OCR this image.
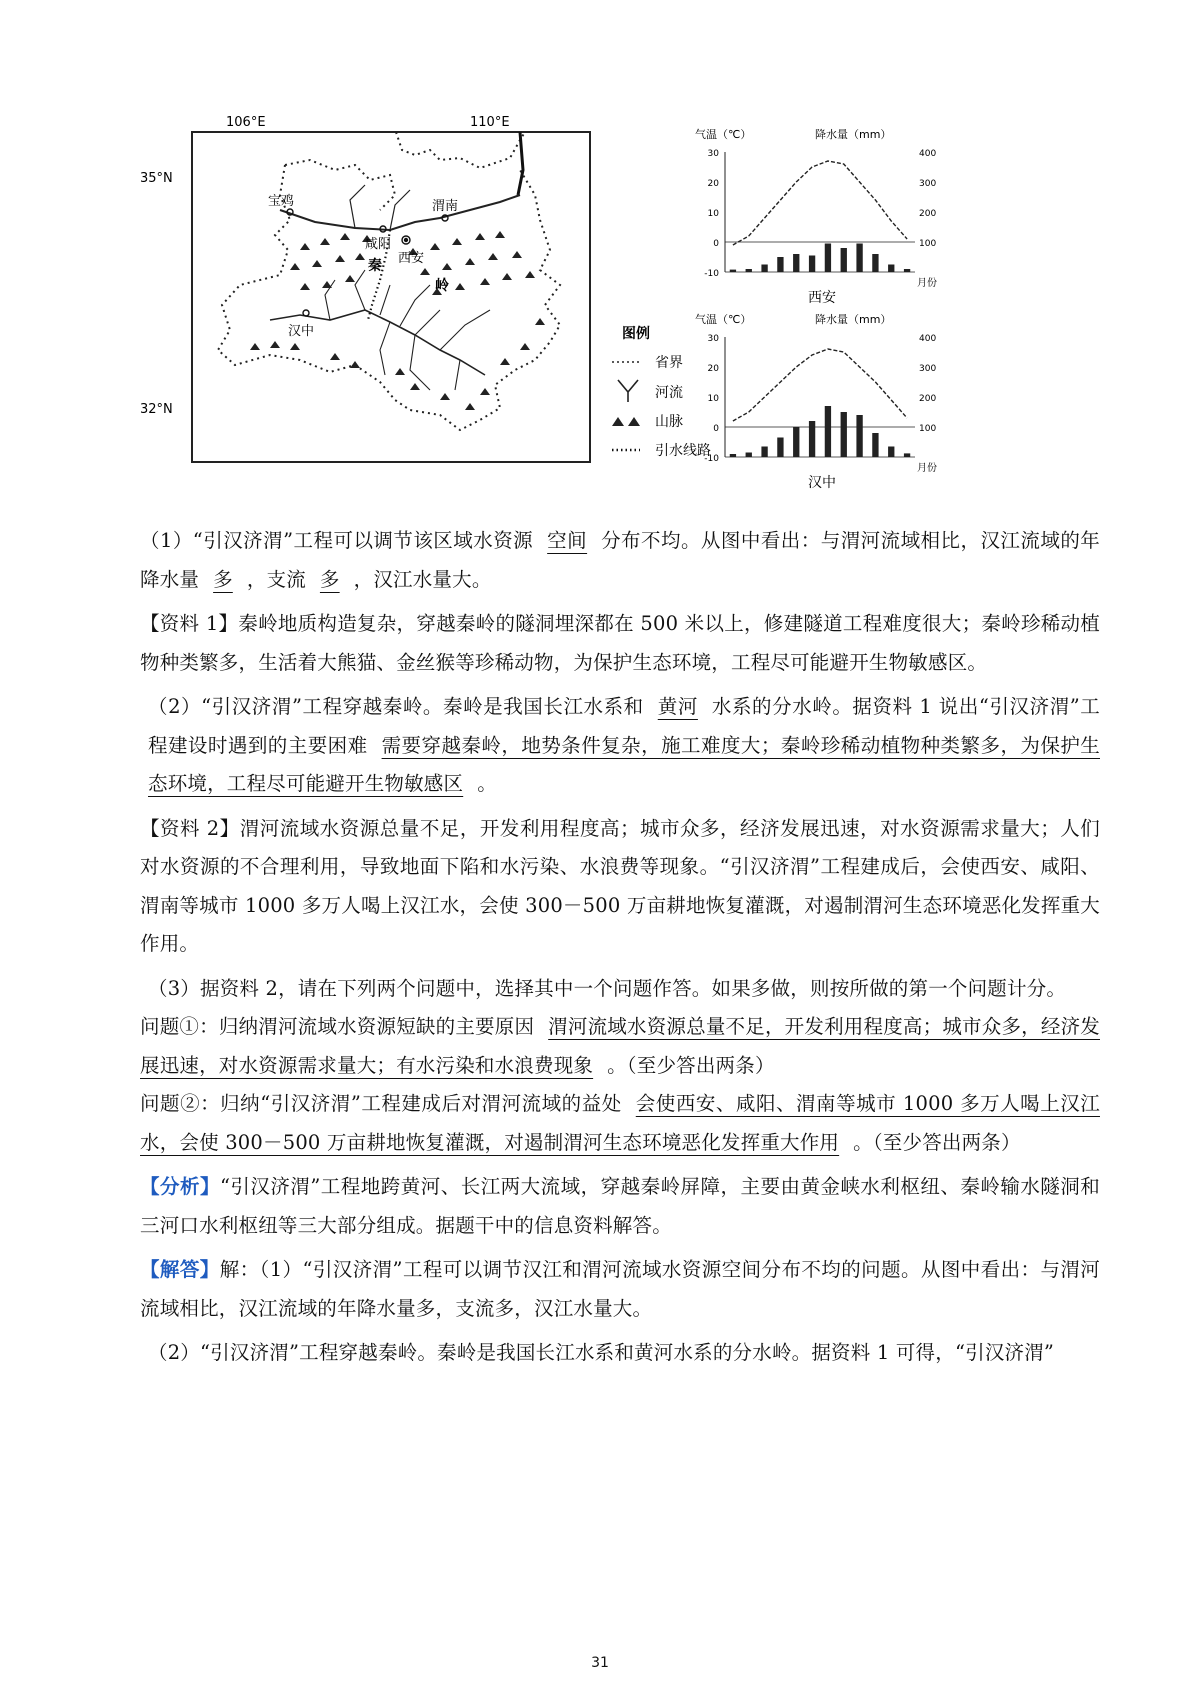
106°E	110°E
35°N
32°N
宝鸡
咸阳
渭南
西安
汉中
秦
岭
图例
省界
河流
山脉
引水线路
气温（℃）	降水量（mm）
30
20
10
0
-10
400
300
200
100
月份
西安
气温（℃）	降水量（mm）
30
20
10
0
-10
400
300
200
100
月份
汉中

（1）“引汉济渭”工程可以调节该区域水资源 空间 分布不均。从图中看出：与渭河流域相比，汉江流域的年降水量 多 ，支流 多 ，汉江水量大。

【资料 1】秦岭地质构造复杂，穿越秦岭的隧洞埋深都在 500 米以上，修建隧道工程难度很大；秦岭珍稀动植物种类繁多，生活着大熊猫、金丝猴等珍稀动物，为保护生态环境，工程尽可能避开生物敏感区。

（2）“引汉济渭”工程穿越秦岭。秦岭是我国长江水系和 黄河 水系的分水岭。据资料 1 说出“引汉济渭”工程建设时遇到的主要困难 需要穿越秦岭，地势条件复杂，施工难度大；秦岭珍稀动植物种类繁多，为保护生态环境，工程尽可能避开生物敏感区 。

【资料 2】渭河流域水资源总量不足，开发利用程度高；城市众多，经济发展迅速，对水资源需求量大；人们对水资源的不合理利用，导致地面下陷和水污染、水浪费等现象。“引汉济渭”工程建成后，会使西安、咸阳、渭南等城市 1000 多万人喝上汉江水，会使 300－500 万亩耕地恢复灌溉，对遏制渭河生态环境恶化发挥重大作用。

（3）据资料 2，请在下列两个问题中，选择其中一个问题作答。如果多做，则按所做的第一个问题计分。

问题①：归纳渭河流域水资源短缺的主要原因 渭河流域水资源总量不足，开发利用程度高；城市众多，经济发展迅速，对水资源需求量大；有水污染和水浪费现象 。（至少答出两条）

问题②：归纳“引汉济渭”工程建成后对渭河流域的益处 会使西安、咸阳、渭南等城市 1000 多万人喝上汉江水，会使 300－500 万亩耕地恢复灌溉，对遏制渭河生态环境恶化发挥重大作用 。（至少答出两条）

【分析】“引汉济渭”工程地跨黄河、长江两大流域，穿越秦岭屏障，主要由黄金峡水利枢纽、秦岭输水隧洞和三河口水利枢纽等三大部分组成。据题干中的信息资料解答。

【解答】解：（1）“引汉济渭”工程可以调节汉江和渭河流域水资源空间分布不均的问题。从图中看出：与渭河流域相比，汉江流域的年降水量多，支流多，汉江水量大。

（2）“引汉济渭”工程穿越秦岭。秦岭是我国长江水系和黄河水系的分水岭。据资料 1 可得，“引汉济渭”

31
